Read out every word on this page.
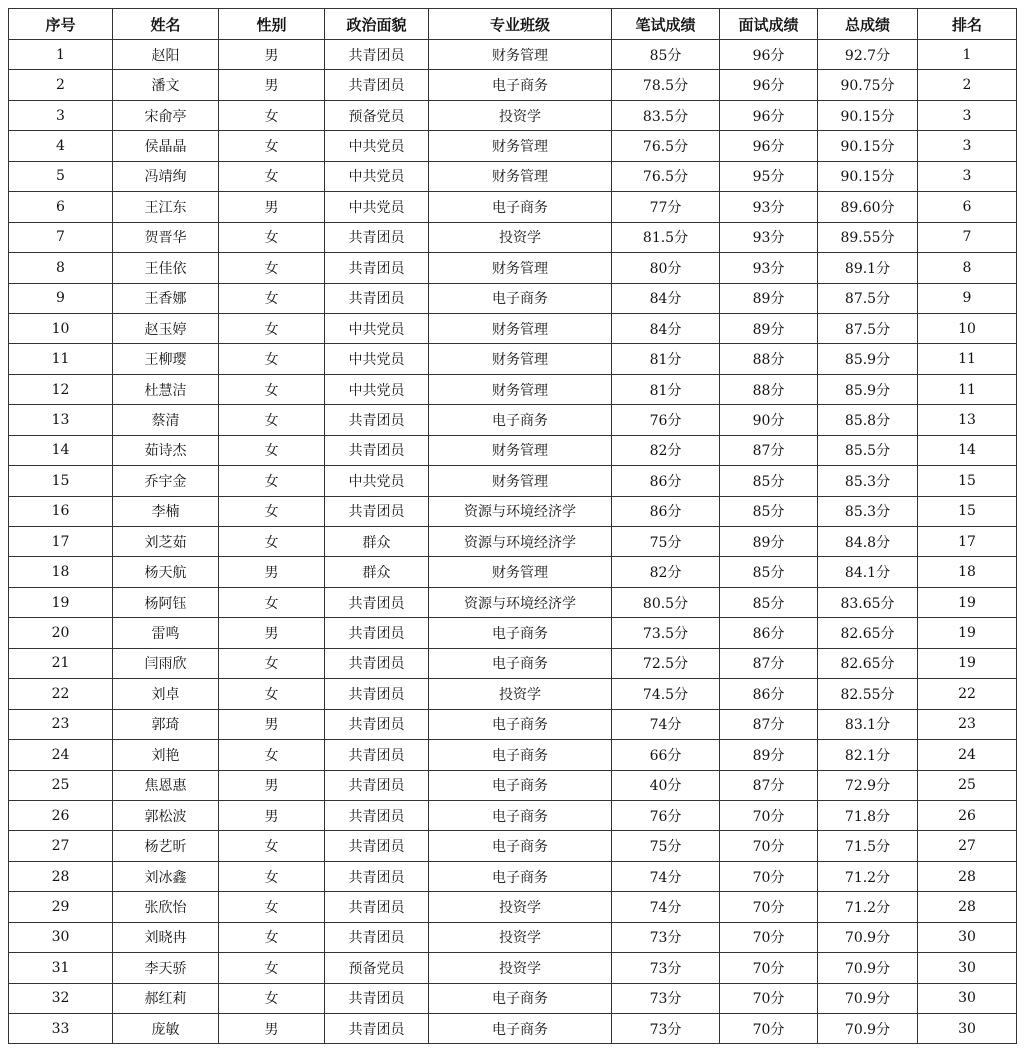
序号	姓名	性别	政治面貌	专业班级	笔试成绩	面试成绩	总成绩	排名
1	赵阳	男	共青团员	财务管理	85分	96分	92.7分	1
2	潘文	男	共青团员	电子商务	78.5分	96分	90.75分	2
3	宋俞亭	女	预备党员	投资学	83.5分	96分	90.15分	3
4	侯晶晶	女	中共党员	财务管理	76.5分	96分	90.15分	3
5	冯靖绚	女	中共党员	财务管理	76.5分	95分	90.15分	3
6	王江东	男	中共党员	电子商务	77分	93分	89.60分	6
7	贺晋华	女	共青团员	投资学	81.5分	93分	89.55分	7
8	王佳依	女	共青团员	财务管理	80分	93分	89.1分	8
9	王香娜	女	共青团员	电子商务	84分	89分	87.5分	9
10	赵玉婷	女	中共党员	财务管理	84分	89分	87.5分	10
11	王柳璎	女	中共党员	财务管理	81分	88分	85.9分	11
12	杜慧洁	女	中共党员	财务管理	81分	88分	85.9分	11
13	蔡清	女	共青团员	电子商务	76分	90分	85.8分	13
14	茹诗杰	女	共青团员	财务管理	82分	87分	85.5分	14
15	乔宇金	女	中共党员	财务管理	86分	85分	85.3分	15
16	李楠	女	共青团员	资源与环境经济学	86分	85分	85.3分	15
17	刘芝茹	女	群众	资源与环境经济学	75分	89分	84.8分	17
18	杨天航	男	群众	财务管理	82分	85分	84.1分	18
19	杨阿钰	女	共青团员	资源与环境经济学	80.5分	85分	83.65分	19
20	雷鸣	男	共青团员	电子商务	73.5分	86分	82.65分	19
21	闫雨欣	女	共青团员	电子商务	72.5分	87分	82.65分	19
22	刘卓	女	共青团员	投资学	74.5分	86分	82.55分	22
23	郭琦	男	共青团员	电子商务	74分	87分	83.1分	23
24	刘艳	女	共青团员	电子商务	66分	89分	82.1分	24
25	焦恩惠	男	共青团员	电子商务	40分	87分	72.9分	25
26	郭松波	男	共青团员	电子商务	76分	70分	71.8分	26
27	杨艺昕	女	共青团员	电子商务	75分	70分	71.5分	27
28	刘冰鑫	女	共青团员	电子商务	74分	70分	71.2分	28
29	张欣怡	女	共青团员	投资学	74分	70分	71.2分	28
30	刘晓冉	女	共青团员	投资学	73分	70分	70.9分	30
31	李天骄	女	预备党员	投资学	73分	70分	70.9分	30
32	郝红莉	女	共青团员	电子商务	73分	70分	70.9分	30
33	庞敏	男	共青团员	电子商务	73分	70分	70.9分	30
